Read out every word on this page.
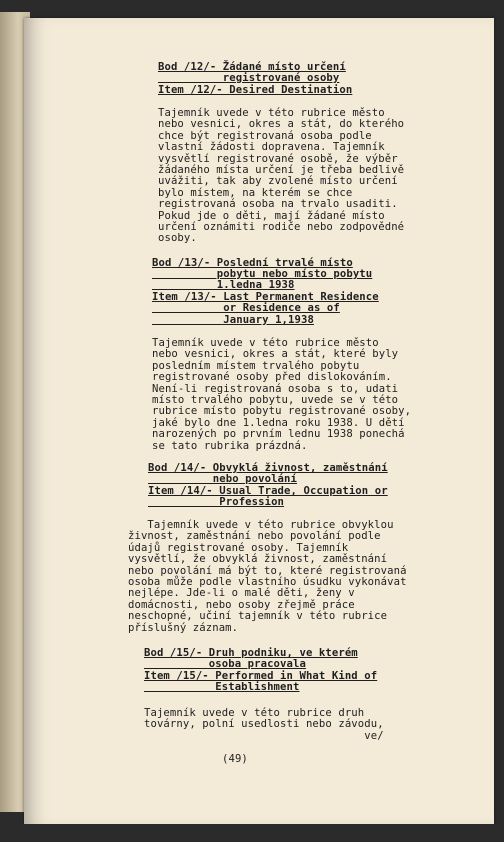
Bod /12/- Žádané místo určení
registrované osoby
Item /12/- Desired Destination
Tajemník uvede v této rubrice město
nebo vesnici, okres a stát, do kterého
chce být registrovaná osoba podle
vlastní žádosti dopravena. Tajemník
vysvětlí registrované osobě, že výběr
žádaného místa určení je třeba bedlivě
uvážiti, tak aby zvolené místo určení
bylo místem, na kterém se chce
registrovaná osoba na trvalo usaditi.
Pokud jde o děti, mají žádané místo
určení oznámiti rodiče nebo zodpovědné
osoby.
Bod /13/- Poslední trvalé místo
pobytu nebo místo pobytu
1.ledna 1938
Item /13/- Last Permanent Residence
or Residence as of
January 1,1938
Tajemník uvede v této rubrice město
nebo vesnici, okres a stát, které byly
posledním místem trvalého pobytu
registrované osoby před dislokováním.
Není-li registrovaná osoba s to, udati
místo trvalého pobytu, uvede se v této
rubrice místo pobytu registrované osoby,
jaké bylo dne 1.ledna roku 1938. U dětí
narozených po prvním lednu 1938 ponechá
se tato rubrika prázdná.
Bod /14/- Obvyklá živnost, zaměstnání
nebo povolání
Item /14/- Usual Trade, Occupation or
Profession
Tajemník uvede v této rubrice obvyklou
živnost, zaměstnání nebo povolání podle
údajů registrované osoby. Tajemník
vysvětlí, že obvyklá živnost, zaměstnání
nebo povolání má být to, které registrovaná
osoba může podle vlastního úsudku vykonávat
nejlépe. Jde-li o malé děti, ženy v
domácnosti, nebo osoby zřejmě práce
neschopné, učiní tajemník v této rubrice
příslušný záznam.
Bod /15/- Druh podniku, ve kterém
osoba pracovala
Item /15/- Performed in What Kind of
Establishment
Tajemník uvede v této rubrice druh
továrny, polní usedlosti nebo závodu,
ve/
(49)
